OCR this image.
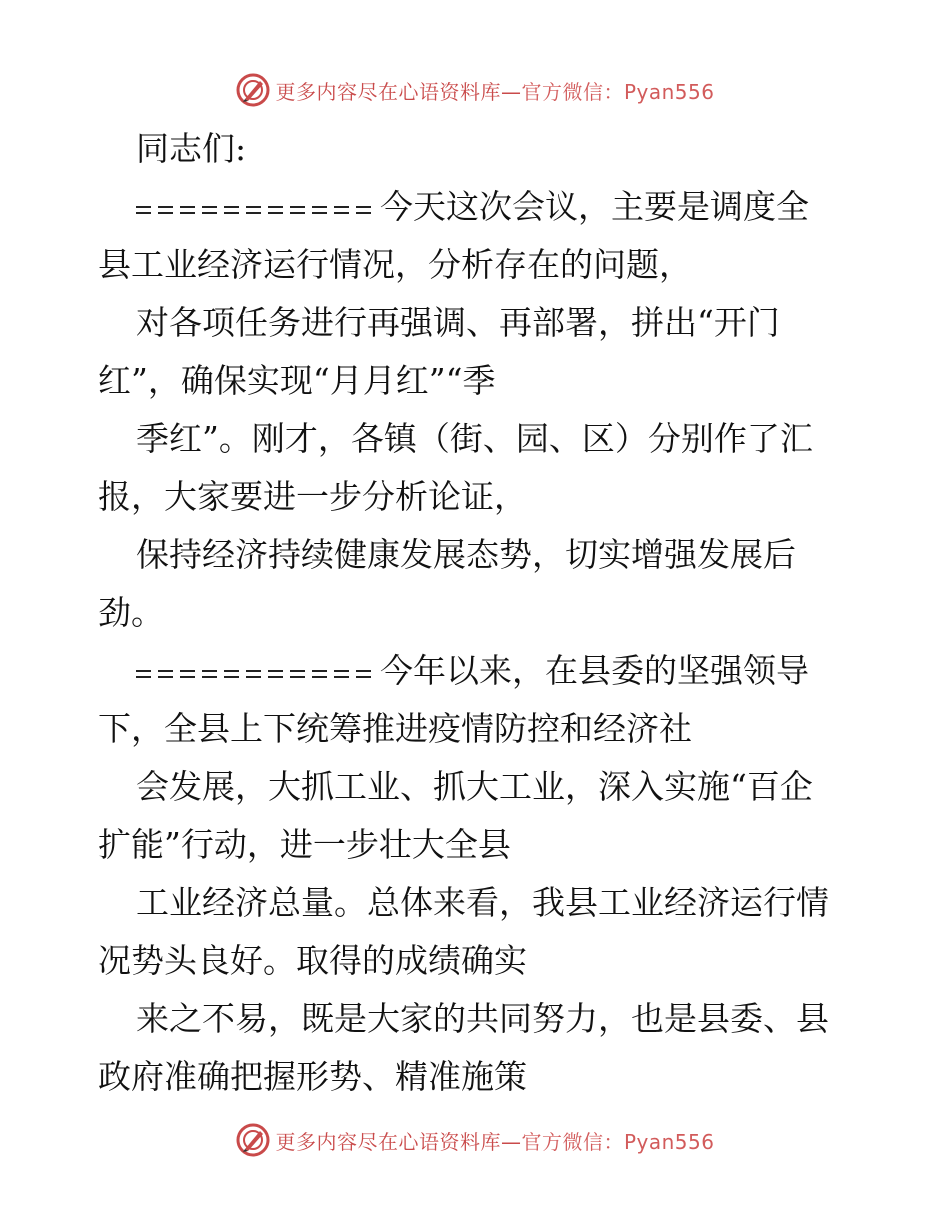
更多内容尽在心语资料库—官方微信：Pyan556
同志们:
今天这次会议，主要是调度全
县工业经济运行情况，分析存在的问题，
对各项任务进行再强调、再部署，拼出“开门
红”，确保实现“月月红”“季
季红”。刚才，各镇（街、园、区）分别作了汇
报，大家要进一步分析论证，
保持经济持续健康发展态势，切实增强发展后
劲。
今年以来，在县委的坚强领导
下，全县上下统筹推进疫情防控和经济社
会发展，大抓工业、抓大工业，深入实施“百企
扩能”行动，进一步壮大全县
工业经济总量。总体来看，我县工业经济运行情
况势头良好。取得的成绩确实
来之不易，既是大家的共同努力，也是县委、县
政府准确把握形势、精准施策
更多内容尽在心语资料库—官方微信：Pyan556
